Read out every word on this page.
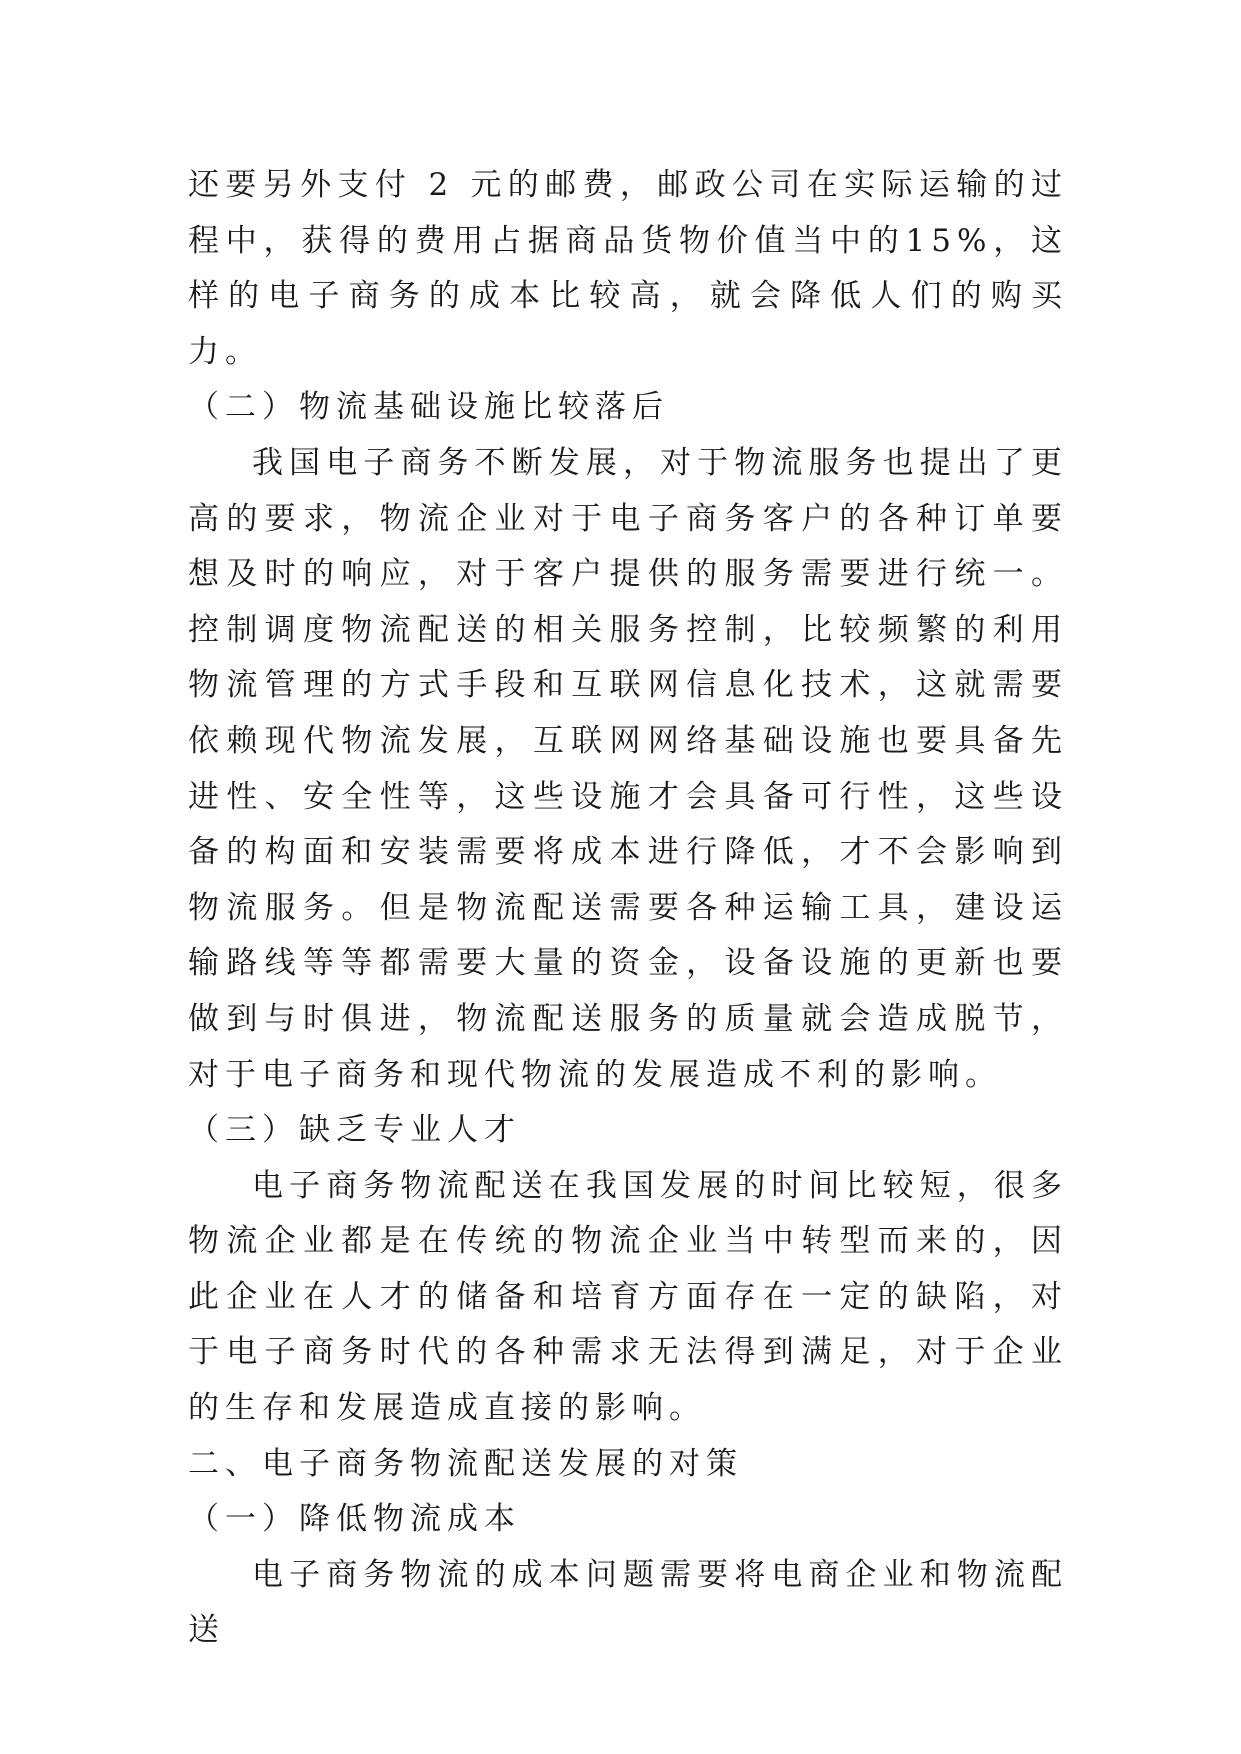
还要另外支付 2 元的邮费，邮政公司在实际运输的过程中，获得的费用占据商品货物价值当中的15%，这样的电子商务的成本比较高，就会降低人们的购买力。

（二）物流基础设施比较落后

我国电子商务不断发展，对于物流服务也提出了更高的要求，物流企业对于电子商务客户的各种订单要想及时的响应，对于客户提供的服务需要进行统一。控制调度物流配送的相关服务控制，比较频繁的利用物流管理的方式手段和互联网信息化技术，这就需要依赖现代物流发展，互联网网络基础设施也要具备先进性、安全性等，这些设施才会具备可行性，这些设备的构面和安装需要将成本进行降低，才不会影响到物流服务。但是物流配送需要各种运输工具，建设运输路线等等都需要大量的资金，设备设施的更新也要做到与时俱进，物流配送服务的质量就会造成脱节，对于电子商务和现代物流的发展造成不利的影响。

（三）缺乏专业人才

电子商务物流配送在我国发展的时间比较短，很多物流企业都是在传统的物流企业当中转型而来的，因此企业在人才的储备和培育方面存在一定的缺陷，对于电子商务时代的各种需求无法得到满足，对于企业的生存和发展造成直接的影响。

二、电子商务物流配送发展的对策

（一）降低物流成本

电子商务物流的成本问题需要将电商企业和物流配送
